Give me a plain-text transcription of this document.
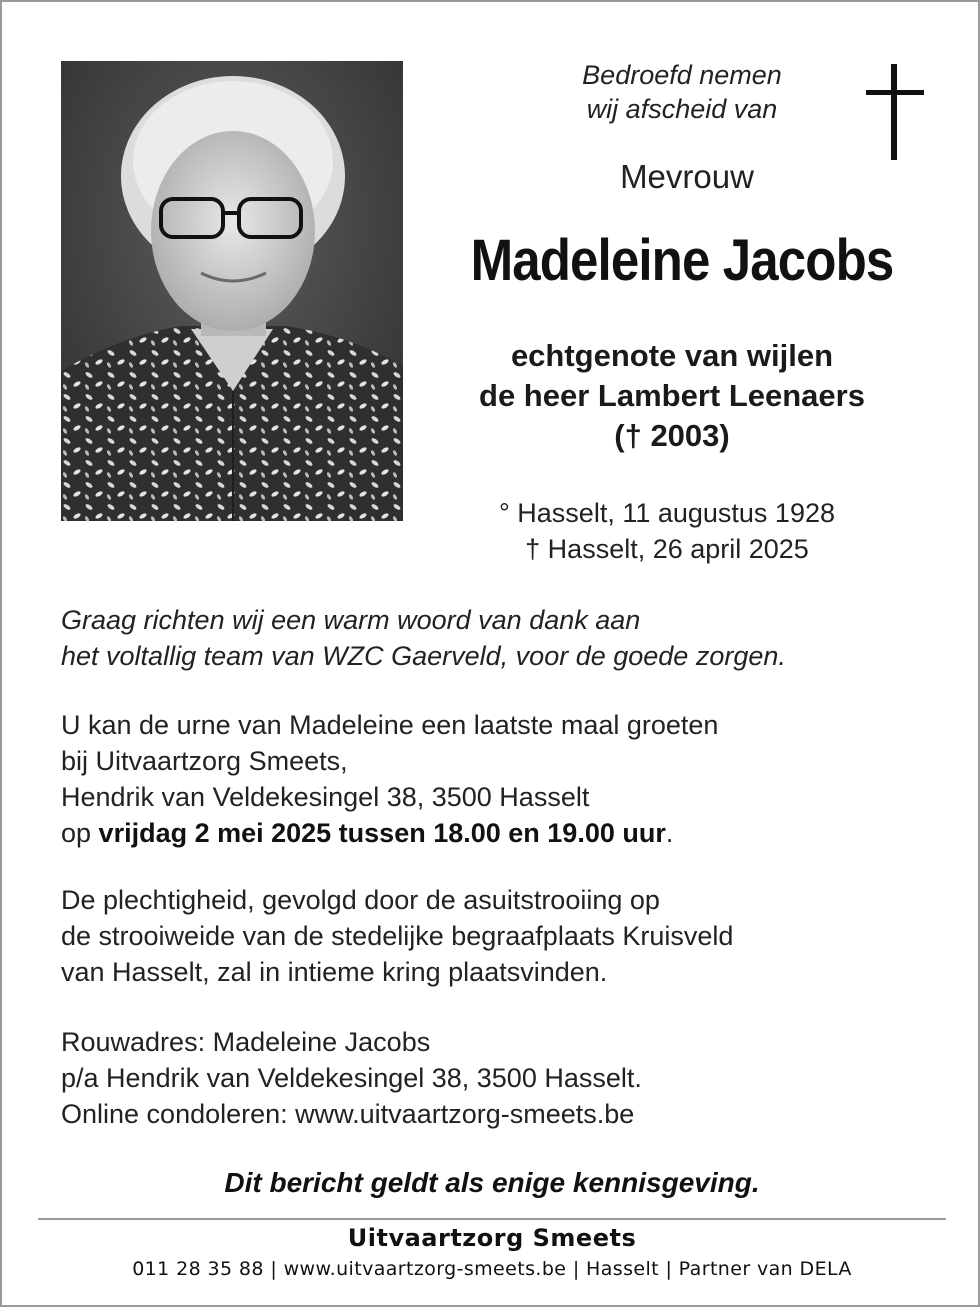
Bedroefd nemen
wij afscheid van
Mevrouw
Madeleine Jacobs
echtgenote van wijlen
de heer Lambert Leenaers
(† 2003)
° Hasselt, 11 augustus 1928
† Hasselt, 26 april 2025
Graag richten wij een warm woord van dank aan
het voltallig team van WZC Gaerveld, voor de goede zorgen.
U kan de urne van Madeleine een laatste maal groeten
bij Uitvaartzorg Smeets,
Hendrik van Veldekesingel 38, 3500 Hasselt
op vrijdag 2 mei 2025 tussen 18.00 en 19.00 uur.
De plechtigheid, gevolgd door de asuitstrooiing op
de strooiweide van de stedelijke begraafplaats Kruisveld
van Hasselt, zal in intieme kring plaatsvinden.
Rouwadres: Madeleine Jacobs
p/a Hendrik van Veldekesingel 38, 3500 Hasselt.
Online condoleren: www.uitvaartzorg-smeets.be
Dit bericht geldt als enige kennisgeving.
Uitvaartzorg Smeets
011 28 35 88 | www.uitvaartzorg-smeets.be | Hasselt | Partner van DELA
